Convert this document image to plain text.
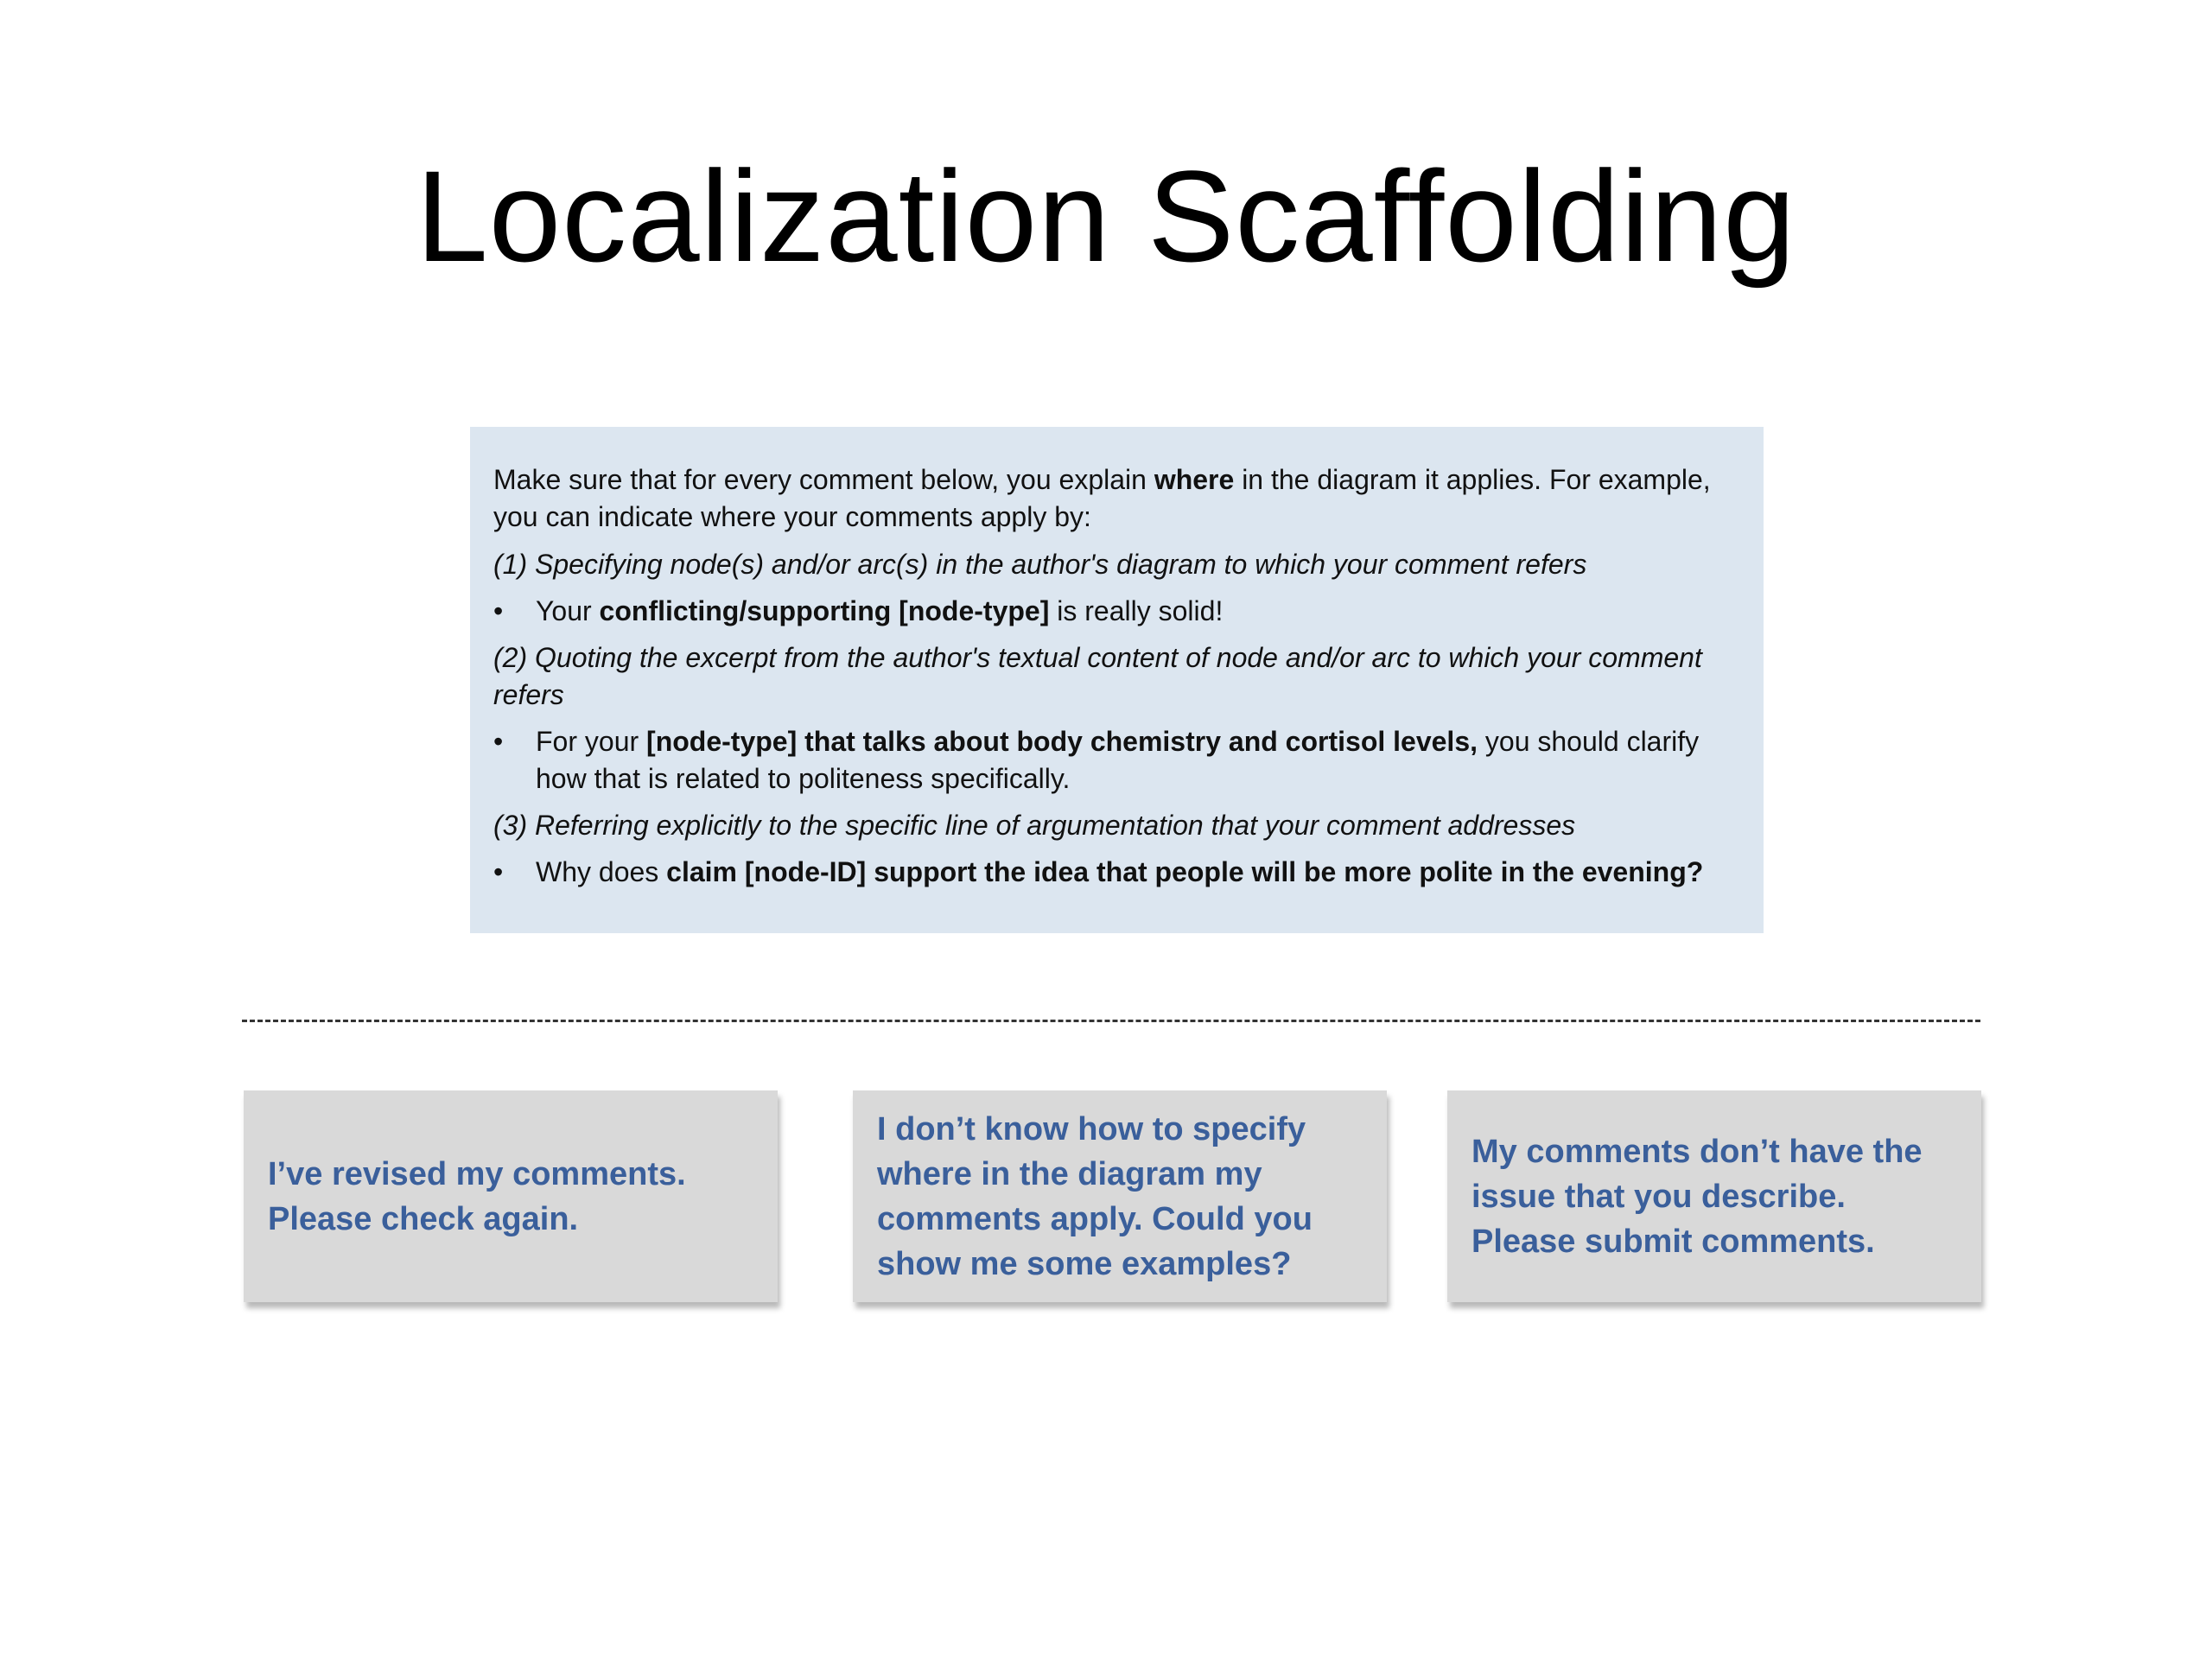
Localization Scaffolding

Make sure that for every comment below, you explain where in the diagram it applies. For example, you can indicate where your comments apply by:

(1) Specifying node(s) and/or arc(s) in the author's diagram to which your comment refers

•	Your conflicting/supporting [node-type] is really solid!

(2) Quoting the excerpt from the author's textual content of node and/or arc to which your comment refers

•	For your [node-type] that talks about body chemistry and cortisol levels, you should clarify how that is related to politeness specifically.

(3) Referring explicitly to the specific line of argumentation that your comment addresses

•	Why does claim [node-ID] support the idea that people will be more polite in the evening?

I’ve revised my comments. Please check again.
I don’t know how to specify where in the diagram my comments apply. Could you show me some examples?
My comments don’t have the issue that you describe. Please submit comments.
